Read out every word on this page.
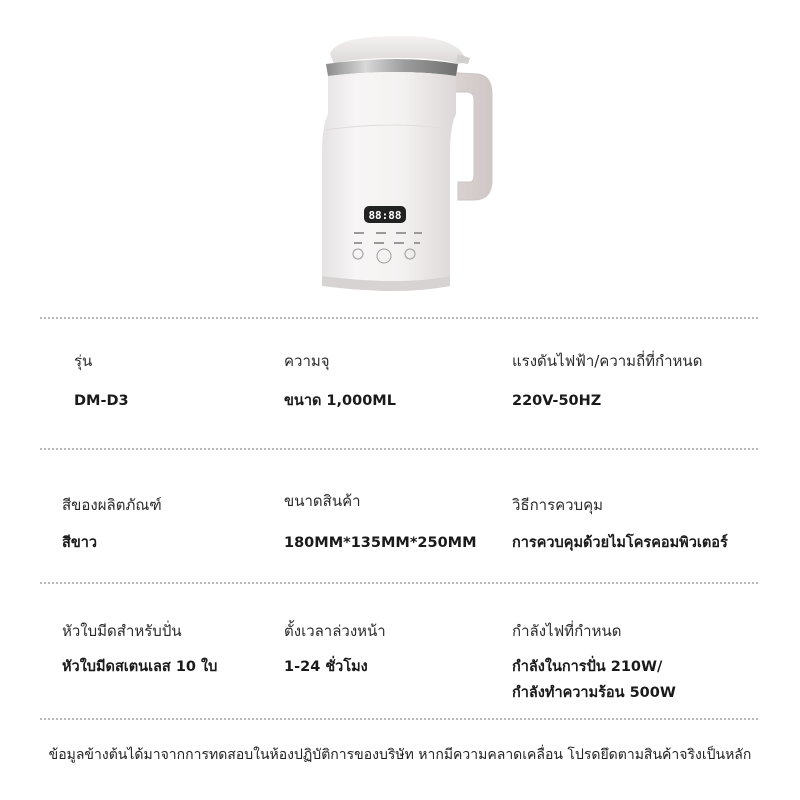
88:88
รุ่น
DM-D3
ความจุ
ขนาด 1,000ML
แรงดันไฟฟ้า/ความถี่ที่กำหนด
220V-50HZ
สีของผลิตภัณฑ์
สีขาว
ขนาดสินค้า
180MM*135MM*250MM
วิธีการควบคุม
การควบคุมด้วยไมโครคอมพิวเตอร์
หัวใบมีดสำหรับปั่น
หัวใบมีดสเตนเลส 10 ใบ
ตั้งเวลาล่วงหน้า
1-24 ชั่วโมง
กำลังไฟที่กำหนด
กำลังในการปั่น 210W/
กำลังทำความร้อน 500W
ข้อมูลข้างต้นได้มาจากการทดสอบในห้องปฏิบัติการของบริษัท หากมีความคลาดเคลื่อน โปรดยึดตามสินค้าจริงเป็นหลัก
